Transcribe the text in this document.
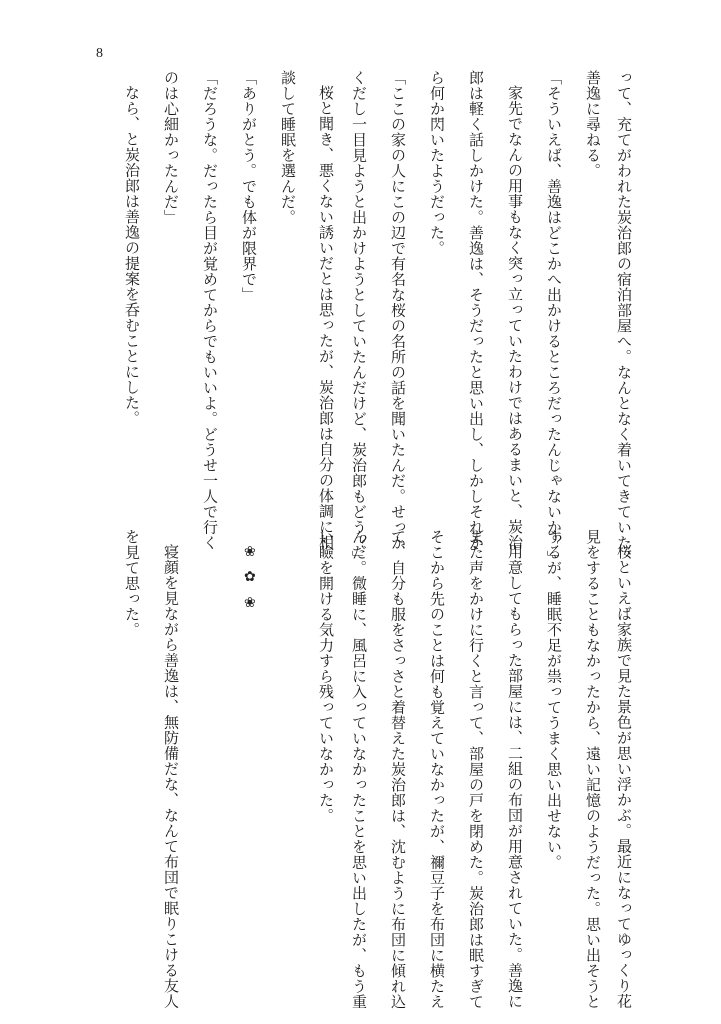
8
って、充てがわれた炭治郎の宿泊部屋へ。なんとなく着いてきていた、
善逸に尋ねる。
「そういえば、善逸はどこかへ出かけるところだったんじゃないか？」
家先でなんの用事もなく突っ立っていたわけではあるまいと、炭治
郎は軽く話しかけた。善逸は、そうだったと思い出し、しかしそれか
ら何か閃いたようだった。
「ここの家の人にこの辺で有名な桜の名所の話を聞いたんだ。せっか
くだし一目見ようと出かけようとしていたんだけど、炭治郎もどう？」
桜と聞き、悪くない誘いだとは思ったが、炭治郎は自分の体調に相
談して睡眠を選んだ。
「ありがとう。でも体が限界で」
「だろうな。だったら目が覚めてからでもいいよ。どうせ一人で行く
のは心細かったんだ」
なら、と炭治郎は善逸の提案を呑むことにした。
桜といえば家族で見た景色が思い浮かぶ。最近になってゆっくり花
見をすることもなかったから、遠い記憶のようだった。思い出そうと
するが、睡眠不足が祟ってうまく思い出せない。
用意してもらった部屋には、二組の布団が用意されていた。善逸に
また声をかけに行くと言って、部屋の戸を閉めた。炭治郎は眠すぎて
そこから先のことは何も覚えていなかったが、禰豆子を布団に横たえ
て、自分も服をさっさと着替えた炭治郎は、沈むように布団に傾れ込
んだ。微睡に、風呂に入っていなかったことを思い出したが、もう重
い瞼を開ける気力すら残っていなかった。
❀
✿
❀
寝顔を見ながら善逸は、無防備だな、なんて布団で眠りこける友人
を見て思った。
